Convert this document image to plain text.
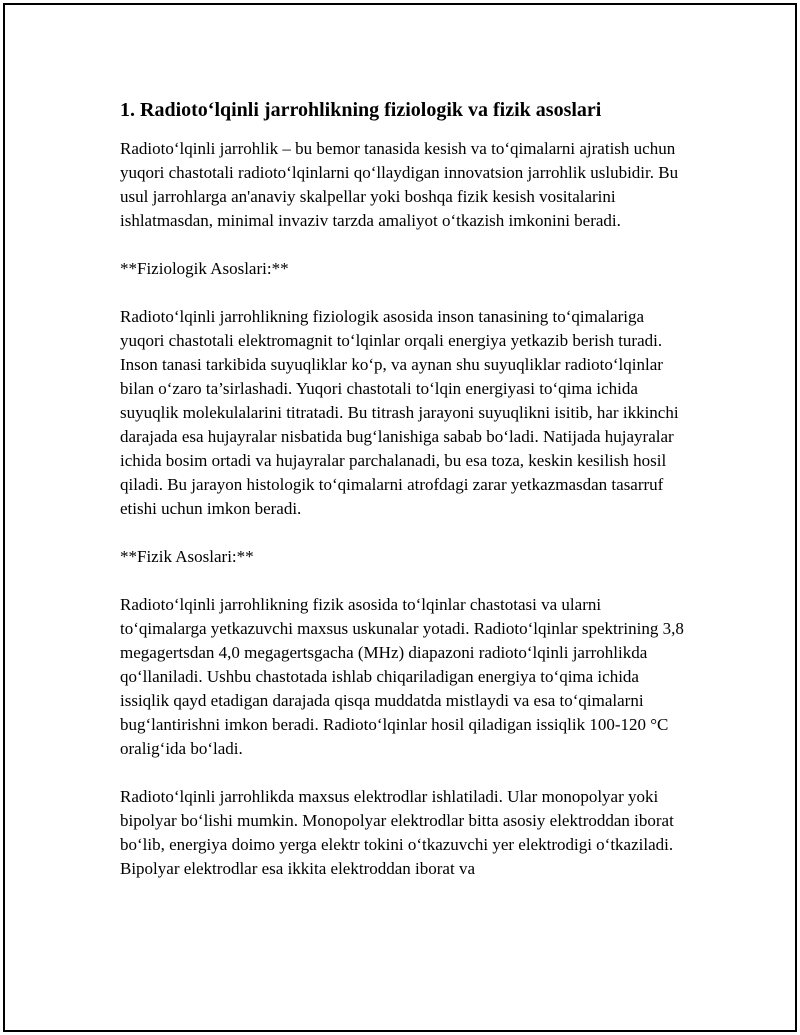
1. Radioto‘lqinli jarrohlikning fiziologik va fizik asoslari

Radioto‘lqinli jarrohlik – bu bemor tanasida kesish va to‘qimalarni ajratish uchun yuqori chastotali radioto‘lqinlarni qo‘llaydigan innovatsion jarrohlik uslubidir. Bu usul jarrohlarga an'anaviy skalpellar yoki boshqa fizik kesish vositalarini ishlatmasdan, minimal invaziv tarzda amaliyot o‘tkazish imkonini beradi.

**Fiziologik Asoslari:**

Radioto‘lqinli jarrohlikning fiziologik asosida inson tanasining to‘qimalariga yuqori chastotali elektromagnit to‘lqinlar orqali energiya yetkazib berish turadi. Inson tanasi tarkibida suyuqliklar ko‘p, va aynan shu suyuqliklar radioto‘lqinlar bilan o‘zaro ta’sirlashadi. Yuqori chastotali to‘lqin energiyasi to‘qima ichida suyuqlik molekulalarini titratadi. Bu titrash jarayoni suyuqlikni isitib, har ikkinchi darajada esa hujayralar nisbatida bug‘lanishiga sabab bo‘ladi. Natijada hujayralar ichida bosim ortadi va hujayralar parchalanadi, bu esa toza, keskin kesilish hosil qiladi. Bu jarayon histologik to‘qimalarni atrofdagi zarar yetkazmasdan tasarruf etishi uchun imkon beradi.

**Fizik Asoslari:**

Radioto‘lqinli jarrohlikning fizik asosida to‘lqinlar chastotasi va ularni to‘qimalarga yetkazuvchi maxsus uskunalar yotadi. Radioto‘lqinlar spektrining 3,8 megagertsdan 4,0 megagertsgacha (MHz) diapazoni radioto‘lqinli jarrohlikda qo‘llaniladi. Ushbu chastotada ishlab chiqariladigan energiya to‘qima ichida issiqlik qayd etadigan darajada qisqa muddatda mistlaydi va esa to‘qimalarni bug‘lantirishni imkon beradi. Radioto‘lqinlar hosil qiladigan issiqlik 100-120 °C oralig‘ida bo‘ladi.

Radioto‘lqinli jarrohlikda maxsus elektrodlar ishlatiladi. Ular monopolyar yoki bipolyar bo‘lishi mumkin. Monopolyar elektrodlar bitta asosiy elektroddan iborat bo‘lib, energiya doimo yerga elektr tokini o‘tkazuvchi yer elektrodigi o‘tkaziladi. Bipolyar elektrodlar esa ikkita elektroddan iborat va
